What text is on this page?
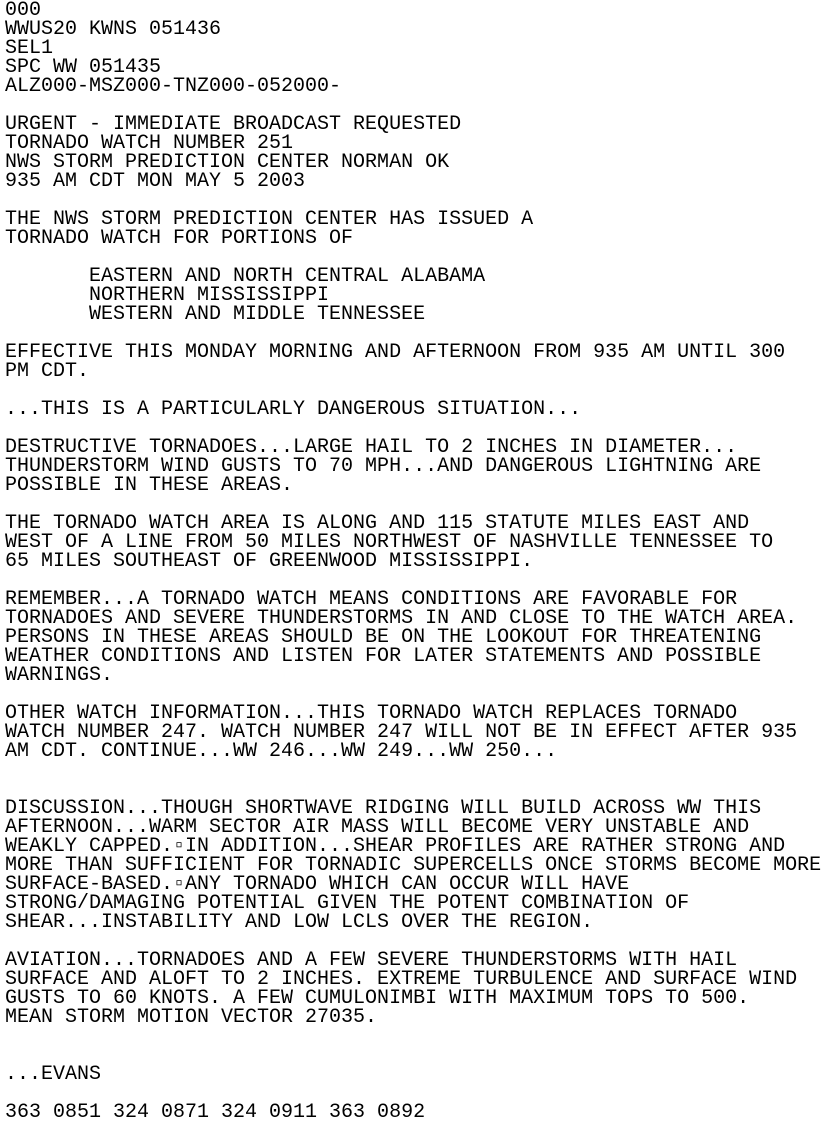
000
WWUS20 KWNS 051436
SEL1
SPC WW 051435
ALZ000-MSZ000-TNZ000-052000-

URGENT - IMMEDIATE BROADCAST REQUESTED
TORNADO WATCH NUMBER 251
NWS STORM PREDICTION CENTER NORMAN OK
935 AM CDT MON MAY 5 2003

THE NWS STORM PREDICTION CENTER HAS ISSUED A
TORNADO WATCH FOR PORTIONS OF

EASTERN AND NORTH CENTRAL ALABAMA
NORTHERN MISSISSIPPI
WESTERN AND MIDDLE TENNESSEE

EFFECTIVE THIS MONDAY MORNING AND AFTERNOON FROM 935 AM UNTIL 300
PM CDT.

...THIS IS A PARTICULARLY DANGEROUS SITUATION...

DESTRUCTIVE TORNADOES...LARGE HAIL TO 2 INCHES IN DIAMETER...
THUNDERSTORM WIND GUSTS TO 70 MPH...AND DANGEROUS LIGHTNING ARE
POSSIBLE IN THESE AREAS.

THE TORNADO WATCH AREA IS ALONG AND 115 STATUTE MILES EAST AND
WEST OF A LINE FROM 50 MILES NORTHWEST OF NASHVILLE TENNESSEE TO
65 MILES SOUTHEAST OF GREENWOOD MISSISSIPPI.

REMEMBER...A TORNADO WATCH MEANS CONDITIONS ARE FAVORABLE FOR
TORNADOES AND SEVERE THUNDERSTORMS IN AND CLOSE TO THE WATCH AREA.
PERSONS IN THESE AREAS SHOULD BE ON THE LOOKOUT FOR THREATENING
WEATHER CONDITIONS AND LISTEN FOR LATER STATEMENTS AND POSSIBLE
WARNINGS.

OTHER WATCH INFORMATION...THIS TORNADO WATCH REPLACES TORNADO
WATCH NUMBER 247. WATCH NUMBER 247 WILL NOT BE IN EFFECT AFTER 935
AM CDT. CONTINUE...WW 246...WW 249...WW 250...

DISCUSSION...THOUGH SHORTWAVE RIDGING WILL BUILD ACROSS WW THIS
AFTERNOON...WARM SECTOR AIR MASS WILL BECOME VERY UNSTABLE AND
WEAKLY CAPPED.▫IN ADDITION...SHEAR PROFILES ARE RATHER STRONG AND
MORE THAN SUFFICIENT FOR TORNADIC SUPERCELLS ONCE STORMS BECOME MORE
SURFACE-BASED.▫ANY TORNADO WHICH CAN OCCUR WILL HAVE
STRONG/DAMAGING POTENTIAL GIVEN THE POTENT COMBINATION OF
SHEAR...INSTABILITY AND LOW LCLS OVER THE REGION.

AVIATION...TORNADOES AND A FEW SEVERE THUNDERSTORMS WITH HAIL
SURFACE AND ALOFT TO 2 INCHES. EXTREME TURBULENCE AND SURFACE WIND
GUSTS TO 60 KNOTS. A FEW CUMULONIMBI WITH MAXIMUM TOPS TO 500.
MEAN STORM MOTION VECTOR 27035.

...EVANS

363 0851 324 0871 324 0911 363 0892
